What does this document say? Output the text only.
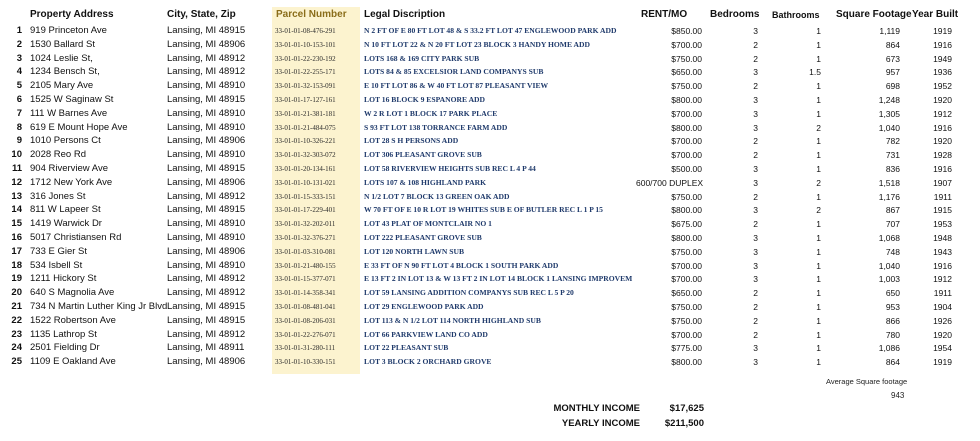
Property Address	City, State, Zip	Parcel Number	Legal Discription	RENT/MO	Bedrooms Bathrooms	Square Footage Year Built
1 919 Princeton Ave	Lansing, MI 48915	33-01-01-08-476-291	N 2 FT OF E 80 FT LOT 48 & S 33.2 FT LOT 47 ENGLEWOOD PARK ADD	$850.00	3	1	1,119	1919
2 1530 Ballard St	Lansing, MI 48906	33-01-01-10-153-101	N 10 FT LOT 22 & N 20 FT LOT 23 BLOCK 3 HANDY HOME ADD	$700.00	2	1	864	1916
3 1024 Leslie St,	Lansing, MI 48912	33-01-01-22-230-192	LOTS 168 & 169 CITY PARK SUB	$750.00	2	1	673	1949
4 1234 Bensch St,	Lansing, MI 48912	33-01-01-22-255-171	LOTS 84 & 85 EXCELSIOR LAND COMPANYS SUB	$650.00	3	1.5	957	1936
5 2105 Mary Ave	Lansing, MI 48910	33-01-01-32-153-091	E 10 FT LOT 86 & W 40 FT LOT 87 PLEASANT VIEW	$750.00	2	1	698	1952
6 1525 W Saginaw St	Lansing, MI 48915	33-01-01-17-127-161	LOT 16 BLOCK 9 ESPANORE ADD	$800.00	3	1	1,248	1920
7 111 W Barnes Ave	Lansing, MI 48910	33-01-01-21-381-181	W 2 R LOT 1 BLOCK 17 PARK PLACE	$700.00	3	1	1,305	1912
8 619 E Mount Hope Ave	Lansing, MI 48910	33-01-01-21-484-075	S 93 FT LOT 138 TORRANCE FARM ADD	$800.00	3	2	1,040	1916
9 1010 Persons Ct	Lansing, MI 48906	33-01-01-10-326-221	LOT 28 S H PERSONS ADD	$700.00	2	1	782	1920
10 2028 Reo Rd	Lansing, MI 48910	33-01-01-32-303-072	LOT 306 PLEASANT GROVE SUB	$700.00	2	1	731	1928
11 904 Riverview Ave	Lansing, MI 48915	33-01-01-20-134-161	LOT 58 RIVERVIEW HEIGHTS SUB REC L 4 P 44	$500.00	3	1	836	1916
12 1712 New York Ave	Lansing, MI 48906	33-01-01-10-131-021	LOTS 107 & 108 HIGHLAND PARK	600/700 DUPLEX	3	2	1,518	1907
13 316 Jones St	Lansing, MI 48912	33-01-01-15-333-151	N 1/2 LOT 7 BLOCK 13 GREEN OAK ADD	$750.00	2	1	1,176	1911
14 811 W Lapeer St	Lansing, MI 48915	33-01-01-17-229-401	W 70 FT OF E 10 R LOT 19 WHITES SUB E OF BUTLER REC L 1 P 15	$800.00	3	2	867	1915
15 1419 Warwick Dr	Lansing, MI 48910	33-01-01-32-202-011	LOT 43 PLAT OF MONTCLAIR NO 1	$675.00	2	1	707	1953
16 5017 Christiansen Rd	Lansing, MI 48910	33-01-01-32-376-271	LOT 222 PLEASANT GROVE SUB	$800.00	3	1	1,068	1948
17 733 E Gier St	Lansing, MI 48906	33-01-01-03-310-081	LOT 120 NORTH LAWN SUB	$750.00	3	1	748	1943
18 534 Isbell St	Lansing, MI 48910	33-01-01-21-480-155	E 33 FT OF N 90 FT LOT 4 BLOCK 1 SOUTH PARK ADD	$700.00	3	1	1,040	1916
19 1211 Hickory St	Lansing, MI 48912	33-01-01-15-377-071	E 13 FT 2 IN LOT 13 & W 13 FT 2 IN LOT 14 BLOCK 1 LANSING IMPROVEM	$700.00	3	1	1,003	1912
20 640 S Magnolia Ave	Lansing, MI 48912	33-01-01-14-358-341	LOT 59 LANSING ADDITION COMPANYS SUB REC L 5 P 20	$650.00	2	1	650	1911
21 734 N Martin Luther King Jr Blvd Lansing, MI 48915	33-01-01-08-481-041	LOT 29 ENGLEWOOD PARK ADD	$750.00	2	1	953	1904
22 1522 Robertson Ave	Lansing, MI 48915	33-01-01-08-206-031	LOT 113 & N 1/2 LOT 114 NORTH HIGHLAND SUB	$750.00	2	1	866	1926
23 1135 Lathrop St	Lansing, MI 48912	33-01-01-22-276-071	LOT 66 PARKVIEW LAND CO ADD	$700.00	2	1	780	1920
24 2501 Fielding Dr	Lansing, MI 48911	33-01-01-31-280-111	LOT 22 PLEASANT SUB	$775.00	3	1	1,086	1954
25 1109 E Oakland Ave	Lansing, MI 48906	33-01-01-10-330-151	LOT 3 BLOCK 2 ORCHARD GROVE	$800.00	3	1	864	1919
Average Square footage
943
MONTHLY INCOME	$17,625
YEARLY INCOME	$211,500
